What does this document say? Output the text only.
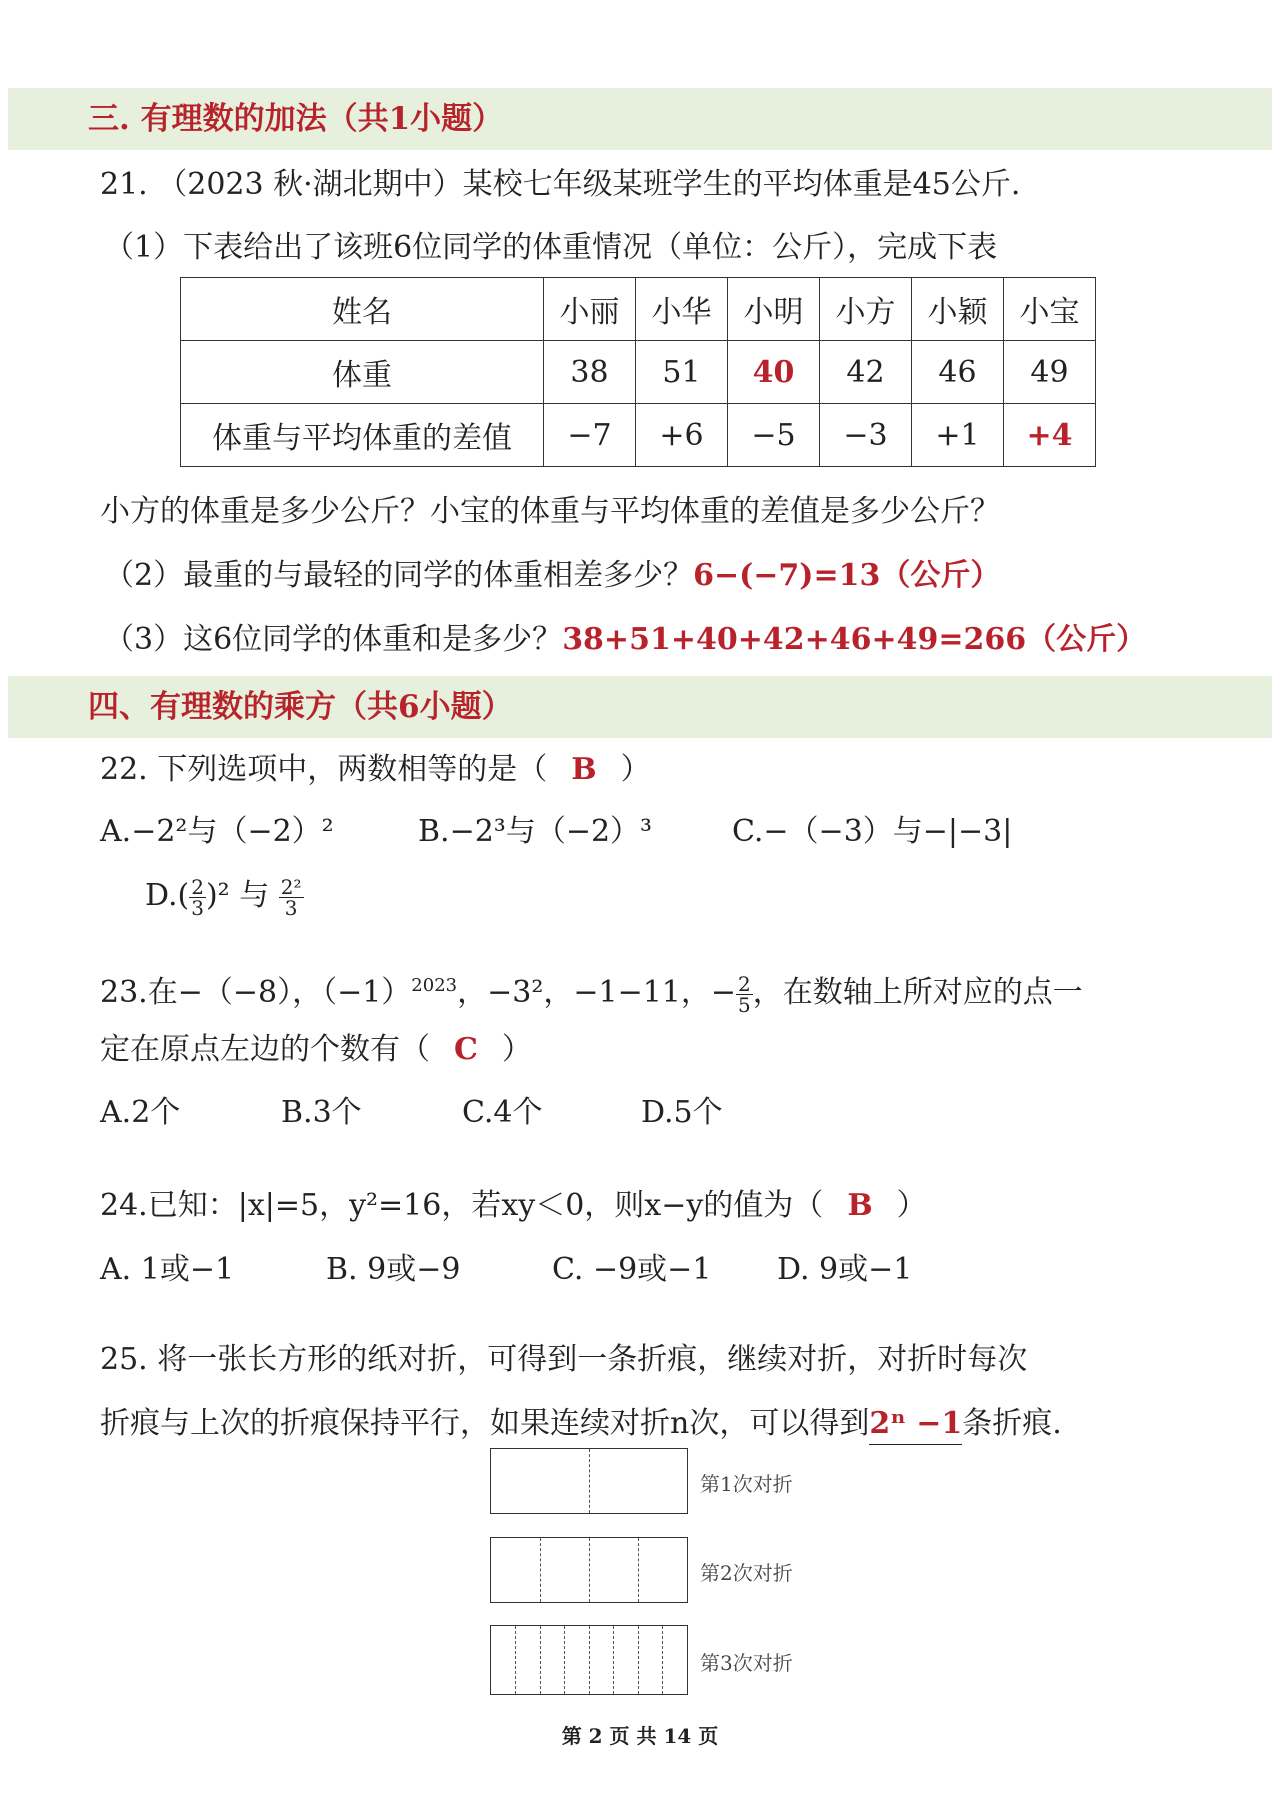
三. 有理数的加法（共1小题）
21. （2023 秋·湖北期中）某校七年级某班学生的平均体重是45公斤.
（1）下表给出了该班6位同学的体重情况（单位：公斤），完成下表
姓名	小丽	小华	小明	小方	小颖	小宝
体重	38	51	40	42	46	49
体重与平均体重的差值	−7	+6	−5	−3	+1	+4
小方的体重是多少公斤？小宝的体重与平均体重的差值是多少公斤？
（2）最重的与最轻的同学的体重相差多少？6−(−7)=13（公斤）
（3）这6位同学的体重和是多少？38+51+40+42+46+49=266（公斤）
四、有理数的乘方（共6小题）
22. 下列选项中，两数相等的是（ B ）
A.−2²与（−2）²	B.−2³与（−2）³	C.−（−3）与−|−3|
$D.( \frac{2}{3} )^2$ 与 $\frac{\text{2²}}{3}$
23.在−（−8），$(-1)^{2023}$，−3²，−1−11，− $\frac{2}{5}$ ，在数轴上所对应的点一
定在原点左边的个数有（ C ）
A.2个	B.3个	C.4个	D.5个
24.已知：|x|=5，y²=16，若xy＜0，则x−y的值为（ B ）
A. 1或−1	B. 9或−9	C. −9或−1 D. 9或−1
25. 将一张长方形的纸对折，可得到一条折痕，继续对折，对折时每次
折痕与上次的折痕保持平行，如果连续对折n次，可以得到2ⁿ −1条折痕.
第1次对折
第2次对折
第3次对折
第 2 页 共 14 页
